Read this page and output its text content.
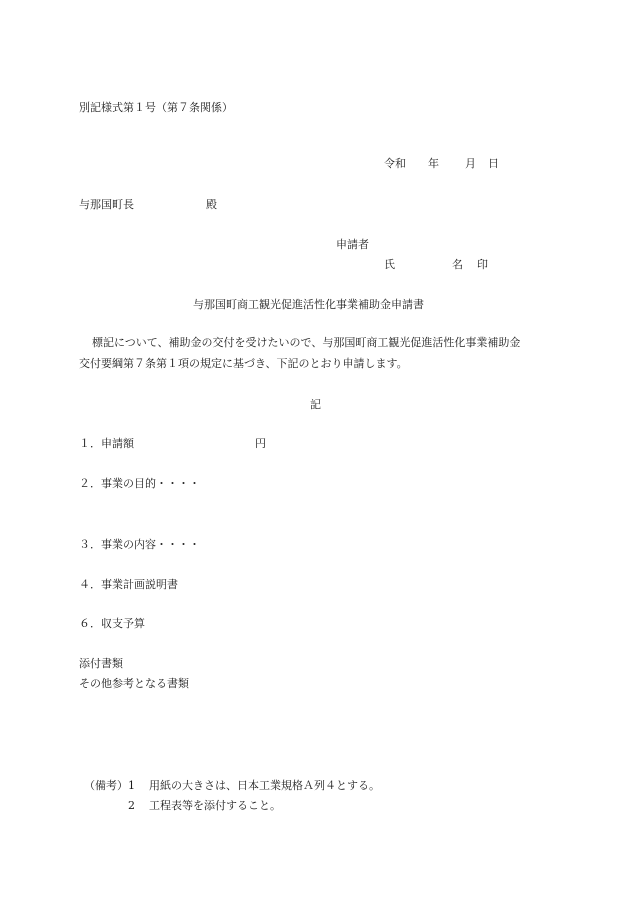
別記様式第１号（第７条関係）
令和 年 月 日
与那国町長	殿
申請者
氏	名 印
与那国町商工観光促進活性化事業補助金申請書
標記について、補助金の交付を受けたいので、与那国町商工観光促進活性化事業補助金
交付要綱第７条第１項の規定に基づき、下記のとおり申請します。
記
１．申請額	円
２．事業の目的・・・・
３．事業の内容・・・・
４．事業計画説明書
６．収支予算
添付書類
その他参考となる書類
（備考） 1 用紙の大きさは、日本工業規格Ａ列４とする。
2 工程表等を添付すること。
